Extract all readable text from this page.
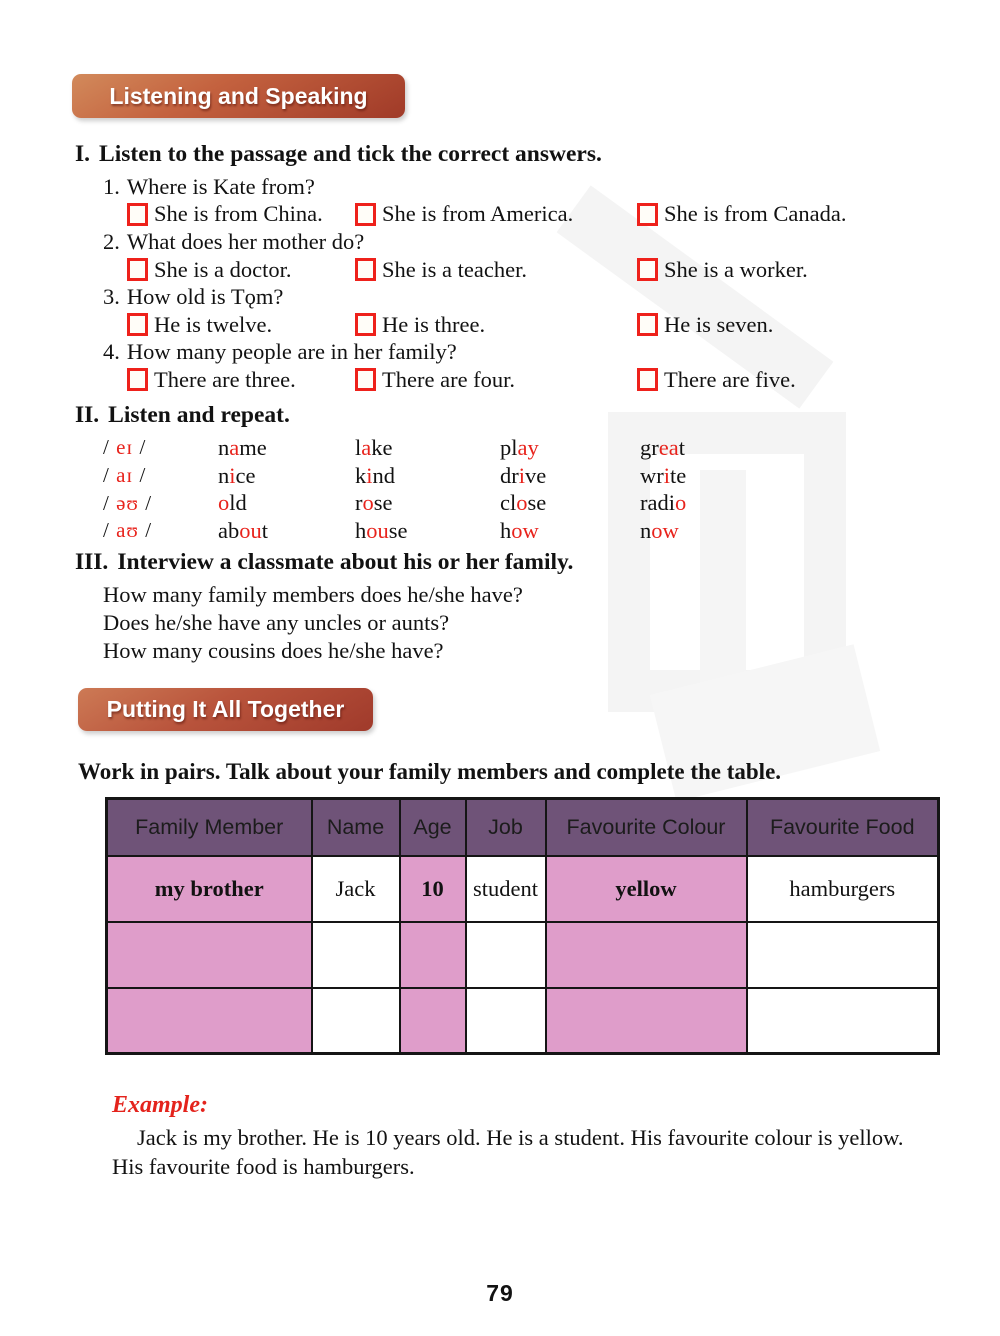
Listening and Speaking
I. Listen to the passage and tick the correct answers.
1. Where is Kate from?
She is from China.	She is from America.	She is from Canada.
2. What does her mother do?
She is a doctor.	She is a teacher.	She is a worker.
3. How old is Tǫm?
He is twelve.	He is three.	He is seven.
4. How many people are in her family?
There are three.	There are four.	There are five.
II. Listen and repeat.
/ eɪ /	name	lake	play	great
/ aɪ /	nice	kind	drive	write
/ əʊ /	old	rose	close	radio
/ aʊ /	about	house	how	now
III. Interview a classmate about his or her family.
How many family members does he/she have?
Does he/she have any uncles or aunts?
How many cousins does he/she have?
Putting It All Together
Work in pairs. Talk about your family members and complete the table.
Family Member	Name	Age	Job	Favourite Colour	Favourite Food
my brother	Jack	10	student	yellow	hamburgers

Example:
Jack is my brother. He is 10 years old. He is a student. His favourite colour is yellow. His favourite food is hamburgers.
79
